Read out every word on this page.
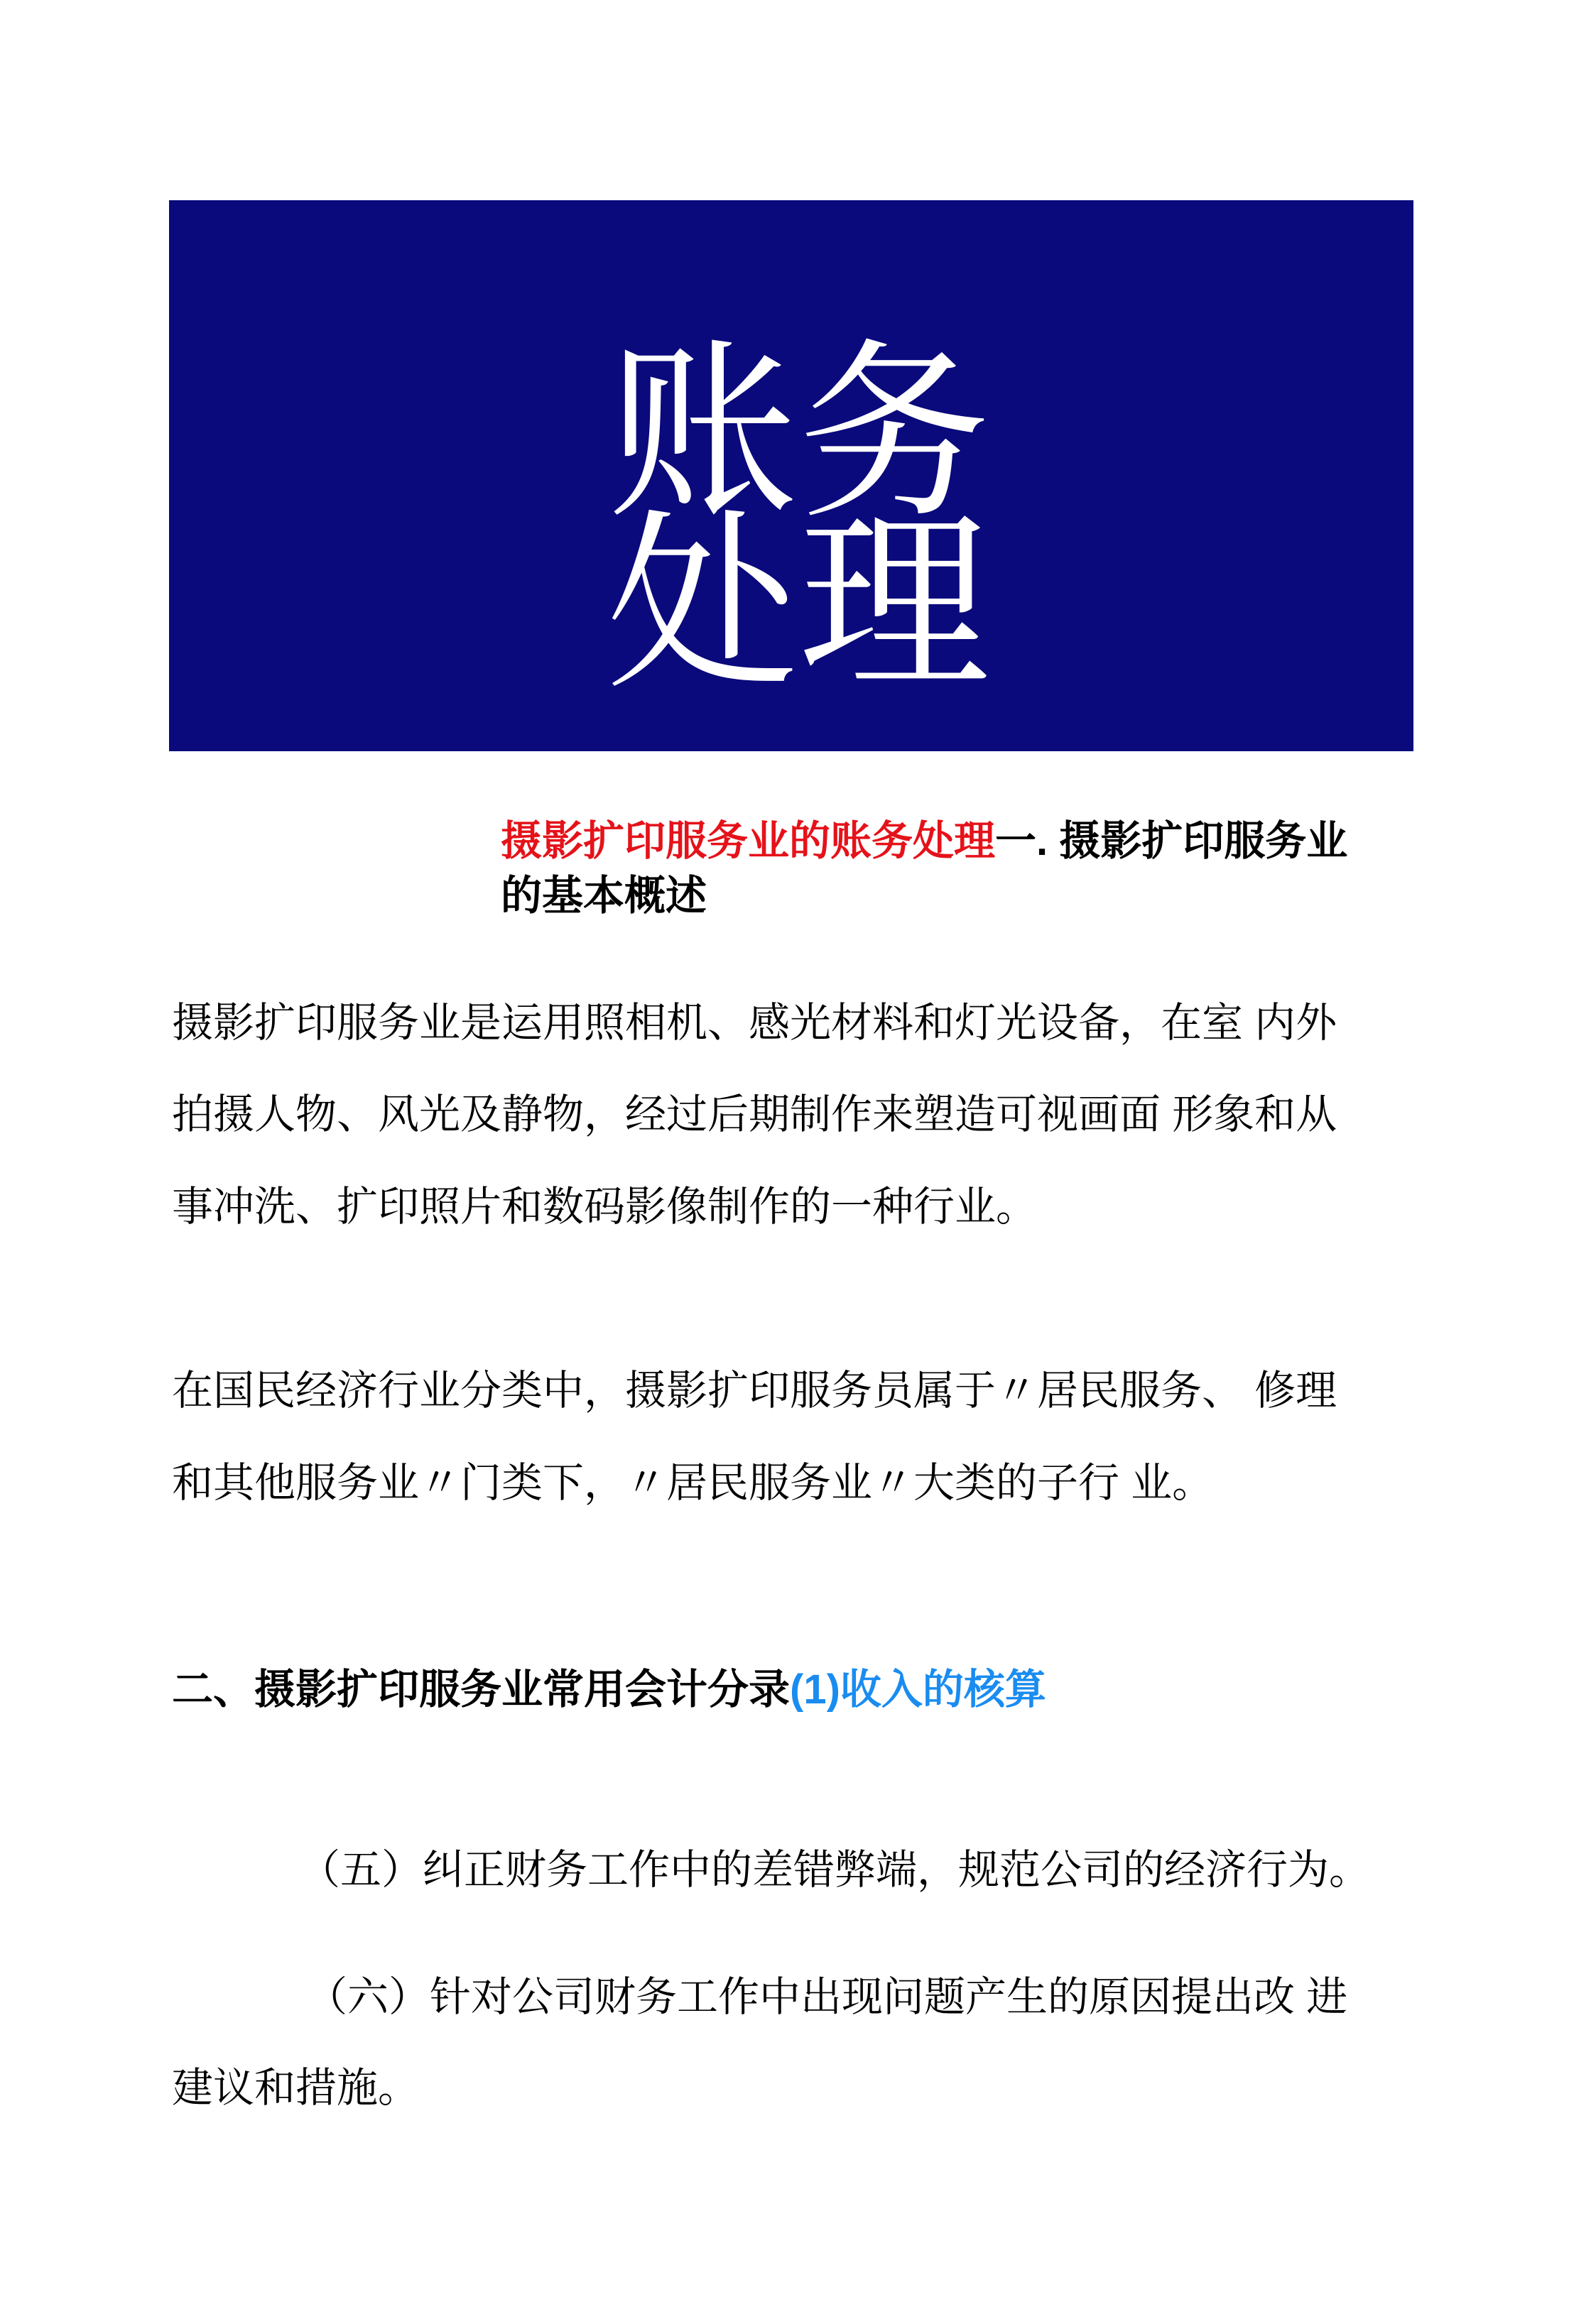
账务
处理
摄影扩印服务业的账务处理一. 摄影扩印服务业
的基本概述
摄影扩印服务业是运用照相机、感光材料和灯光设备，在室 内外
拍摄人物、风光及静物，经过后期制作来塑造可视画面 形象和从
事冲洗、扩印照片和数码影像制作的一种行业。
在国民经济行业分类中，摄影扩印服务员属于〃居民服务、 修理
和其他服务业〃门类下，〃居民服务业〃大类的子行 业。
二、摄影扩印服务业常用会计分录(1)收入的核算
（五）纠正财务工作中的差错弊端，规范公司的经济行为。
（六）针对公司财务工作中出现问题产生的原因提出改 进
建议和措施。
